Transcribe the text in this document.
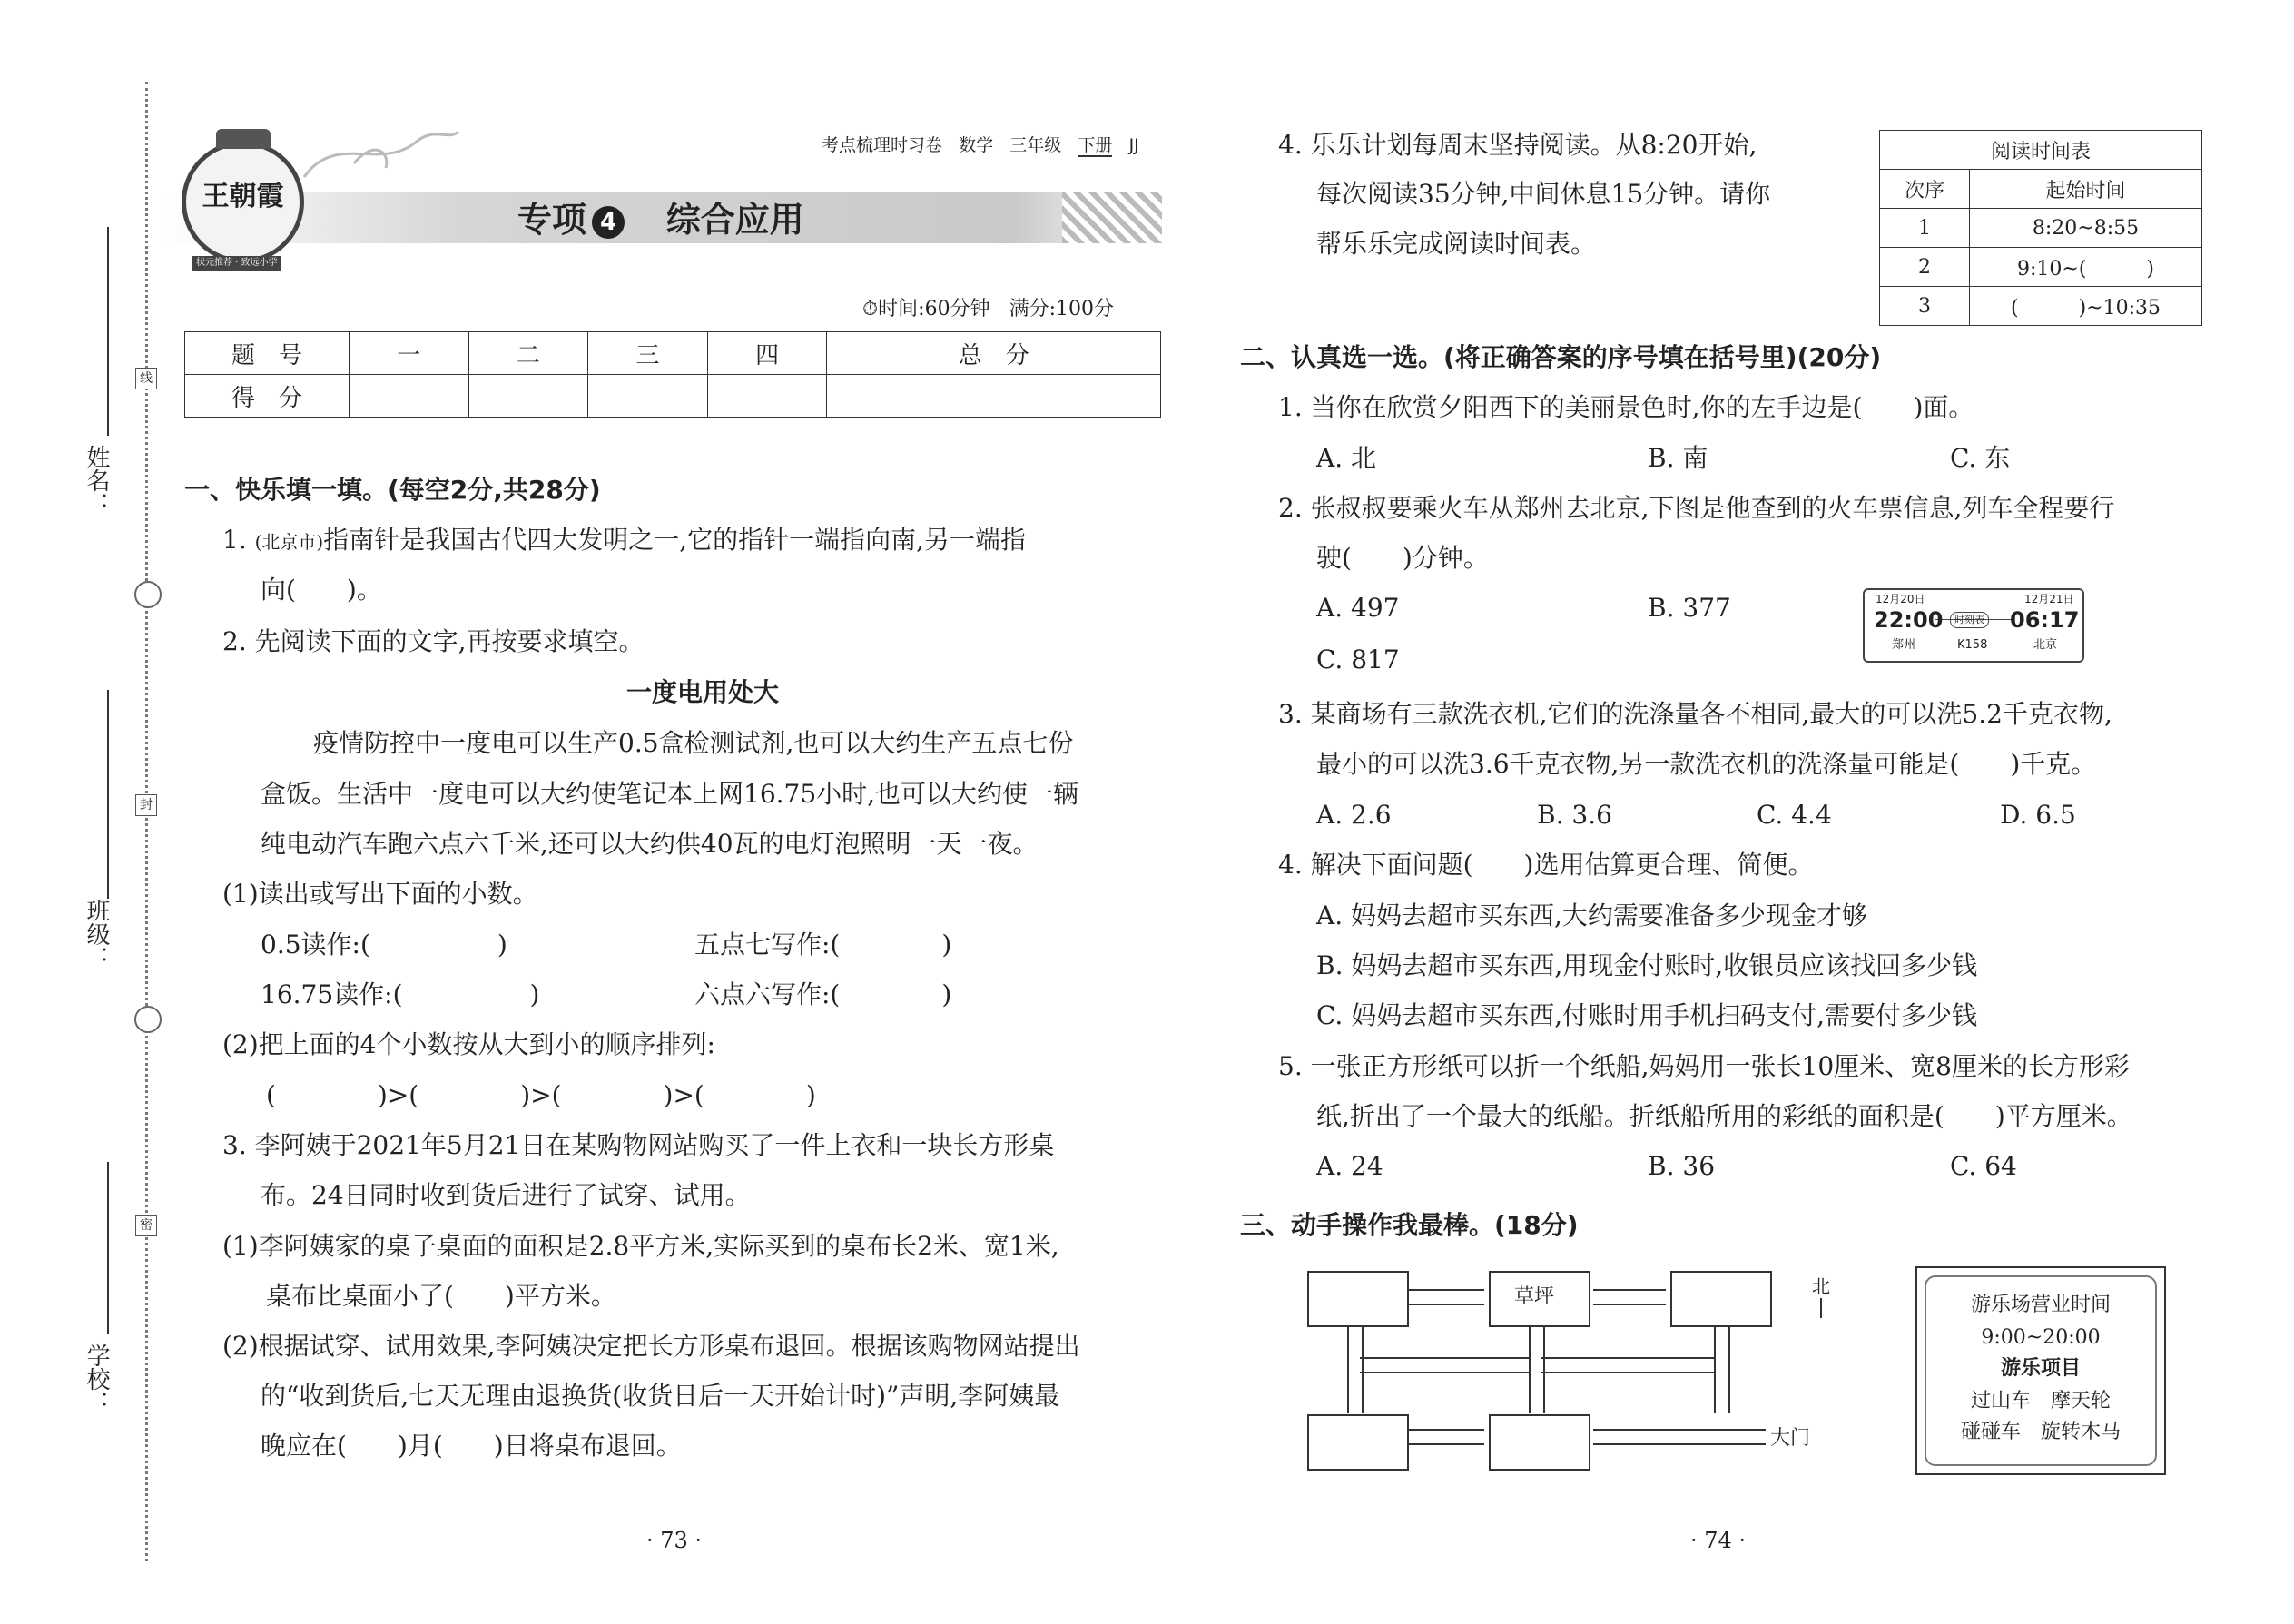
姓名：
班级：
学校：
线
封
密
王朝霞
状元推荐 · 致远小学
考点梳理时习卷 数学 三年级 下册 JJ
专项 4 综合应用
⏱时间:60分钟 满分:100分
题　号	一	二	三	四	总　分
得　分					
一、快乐填一填。(每空2分,共28分)
1. (北京市)指南针是我国古代四大发明之一,它的指针一端指向南,另一端指
向(　　)。
2. 先阅读下面的文字,再按要求填空。
一度电用处大
疫情防控中一度电可以生产0.5盒检测试剂,也可以大约生产五点七份
盒饭。生活中一度电可以大约使笔记本上网16.75小时,也可以大约使一辆
纯电动汽车跑六点六千米,还可以大约供40瓦的电灯泡照明一天一夜。
(1)读出或写出下面的小数。
0.5读作:(　　　　　)	五点七写作:(　　　　)
16.75读作:(　　　　　)	六点六写作:(　　　　)
(2)把上面的4个小数按从大到小的顺序排列:
(　　　　)>(　　　　)>(　　　　)>(　　　　)
3. 李阿姨于2021年5月21日在某购物网站购买了一件上衣和一块长方形桌
布。24日同时收到货后进行了试穿、试用。
(1)李阿姨家的桌子桌面的面积是2.8平方米,实际买到的桌布长2米、宽1米,
桌布比桌面小了(　　)平方米。
(2)根据试穿、试用效果,李阿姨决定把长方形桌布退回。根据该购物网站提出
的“收到货后,七天无理由退换货(收货日后一天开始计时)”声明,李阿姨最
晚应在(　　)月(　　)日将桌布退回。
· 73 ·
4. 乐乐计划每周末坚持阅读。从8:20开始,
每次阅读35分钟,中间休息15分钟。请你
帮乐乐完成阅读时间表。
阅读时间表	
次序	起始时间
1	8:20~8:55
2	9:10~(　　　)
3	(　　　)~10:35
二、认真选一选。(将正确答案的序号填在括号里)(20分)
1. 当你在欣赏夕阳西下的美丽景色时,你的左手边是(　　)面。
A. 北	B. 南	C. 东
2. 张叔叔要乘火车从郑州去北京,下图是他查到的火车票信息,列车全程要行
驶(　　)分钟。
A. 497	B. 377
C. 817
12月20日	12月21日
22:00	06:17
时刻表
郑州	K158	北京
3. 某商场有三款洗衣机,它们的洗涤量各不相同,最大的可以洗5.2千克衣物,
最小的可以洗3.6千克衣物,另一款洗衣机的洗涤量可能是(　　)千克。
A. 2.6	B. 3.6	C. 4.4	D. 6.5
4. 解决下面问题(　　)选用估算更合理、简便。
A. 妈妈去超市买东西,大约需要准备多少现金才够
B. 妈妈去超市买东西,用现金付账时,收银员应该找回多少钱
C. 妈妈去超市买东西,付账时用手机扫码支付,需要付多少钱
5. 一张正方形纸可以折一个纸船,妈妈用一张长10厘米、宽8厘米的长方形彩
纸,折出了一个最大的纸船。折纸船所用的彩纸的面积是(　　)平方厘米。
A. 24	B. 36	C. 64
三、动手操作我最棒。(18分)
草坪
大门
北
游乐场营业时间
9:00~20:00
游乐项目
过山车　摩天轮
碰碰车　旋转木马
· 74 ·
